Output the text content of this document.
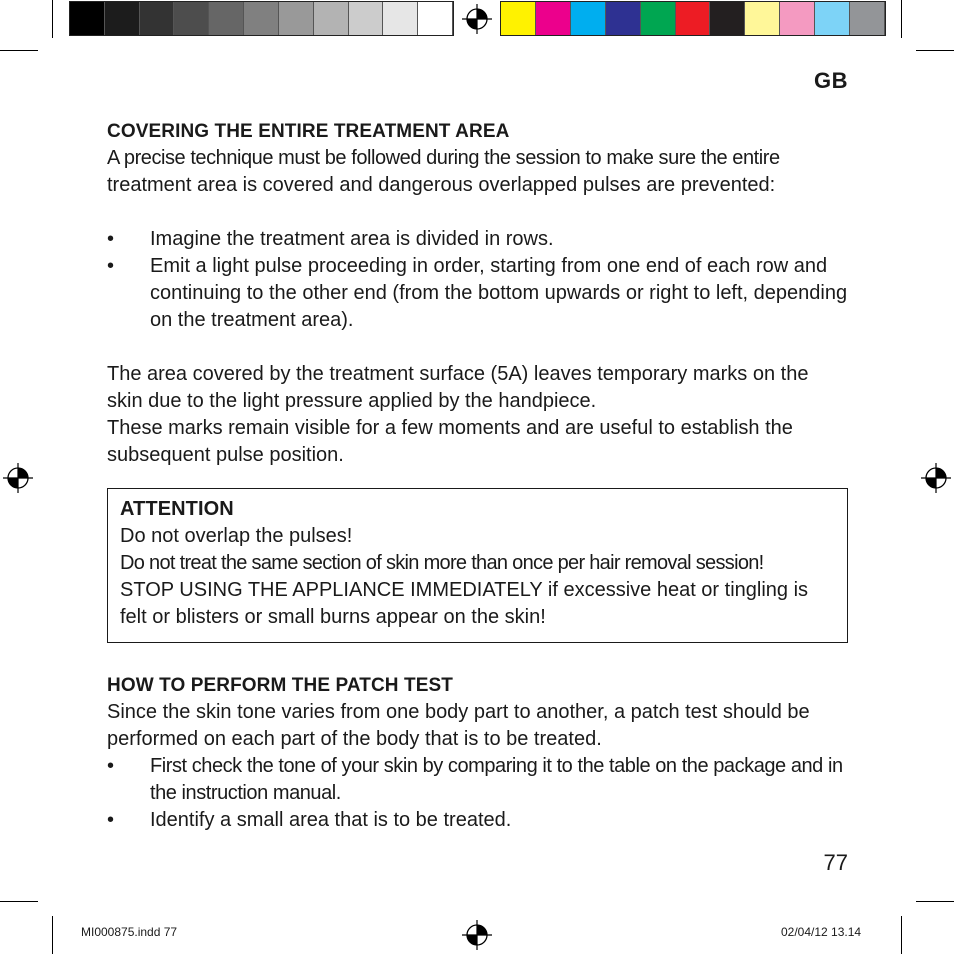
GB
COVERING THE ENTIRE TREATMENT AREA

A precise technique must be followed during the session to make sure the entire

treatment area is covered and dangerous overlapped pulses are prevented:

• Imagine the treatment area is divided in rows.
• Emit a light pulse proceeding in order, starting from one end of each row and continuing to the other end (from the bottom upwards or right to left, depending on the treatment area).

The area covered by the treatment surface (5A) leaves temporary marks on the skin due to the light pressure applied by the handpiece.

These marks remain visible for a few moments and are useful to establish the subsequent pulse position.

ATTENTION

Do not overlap the pulses!

Do not treat the same section of skin more than once per hair removal session!

STOP USING THE APPLIANCE IMMEDIATELY if excessive heat or tingling is felt or blisters or small burns appear on the skin!

HOW TO PERFORM THE PATCH TEST

Since the skin tone varies from one body part to another, a patch test should be performed on each part of the body that is to be treated.

• First check the tone of your skin by comparing it to the table on the package and in the instruction manual.
• Identify a small area that is to be treated.
77
MI000875.indd 77	02/04/12 13.14
